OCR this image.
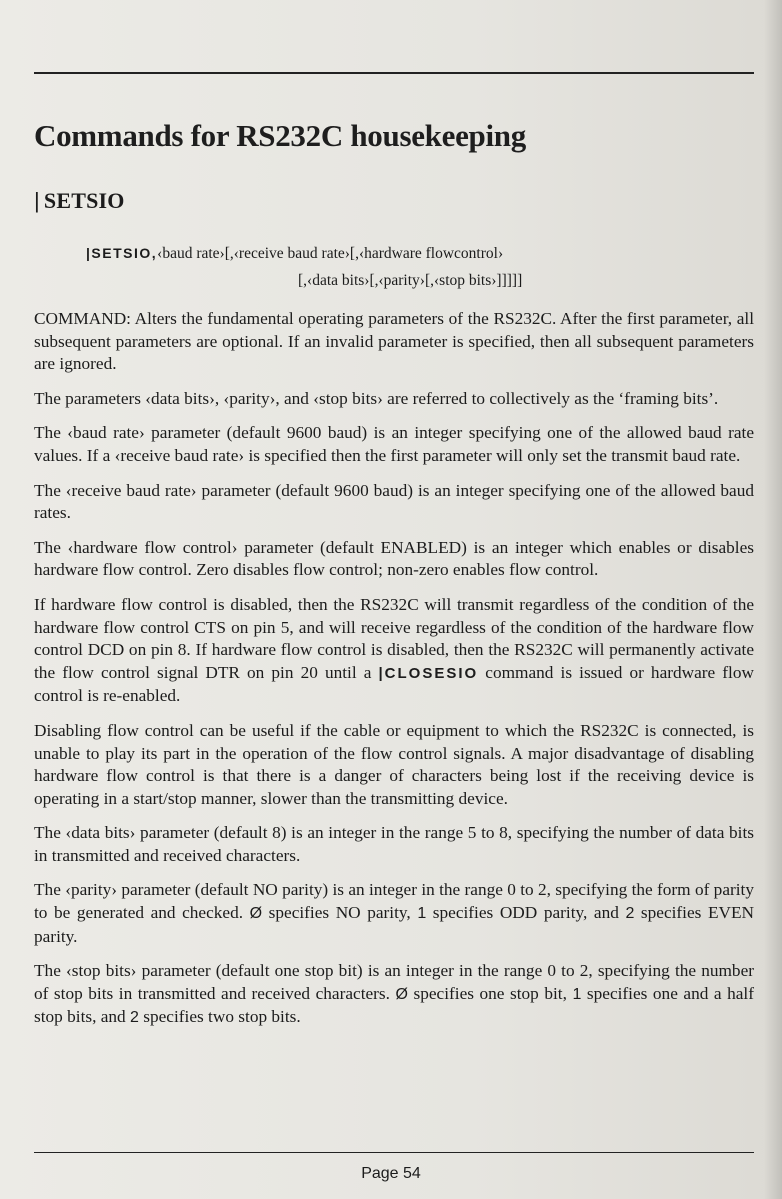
Commands for RS232C housekeeping
| SETSIO
|SETSIO,‹baud rate›[,‹receive baud rate›[,‹hardware flowcontrol›
[,‹data bits›[,‹parity›[,‹stop bits›]]]]]

COMMAND: Alters the fundamental operating parameters of the RS232C. After the first parameter, all subsequent parameters are optional. If an invalid parameter is specified, then all subsequent parameters are ignored.

The parameters ‹data bits›, ‹parity›, and ‹stop bits› are referred to collectively as the ‘framing bits’.

The ‹baud rate› parameter (default 9600 baud) is an integer specifying one of the allowed baud rate values. If a ‹receive baud rate› is specified then the first parameter will only set the transmit baud rate.

The ‹receive baud rate› parameter (default 9600 baud) is an integer specifying one of the allowed baud rates.

The ‹hardware flow control› parameter (default ENABLED) is an integer which enables or disables hardware flow control. Zero disables flow control; non-zero enables flow control.

If hardware flow control is disabled, then the RS232C will transmit regardless of the condition of the hardware flow control CTS on pin 5, and will receive regardless of the condition of the hardware flow control DCD on pin 8. If hardware flow control is disabled, then the RS232C will permanently activate the flow control signal DTR on pin 20 until a |CLOSESIO command is issued or hardware flow control is re-enabled.

Disabling flow control can be useful if the cable or equipment to which the RS232C is connected, is unable to play its part in the operation of the flow control signals. A major disadvantage of disabling hardware flow control is that there is a danger of characters being lost if the receiving device is operating in a start/stop manner, slower than the transmitting device.

The ‹data bits› parameter (default 8) is an integer in the range 5 to 8, specifying the number of data bits in transmitted and received characters.

The ‹parity› parameter (default NO parity) is an integer in the range 0 to 2, specifying the form of parity to be generated and checked. Ø specifies NO parity, 1 specifies ODD parity, and 2 specifies EVEN parity.

The ‹stop bits› parameter (default one stop bit) is an integer in the range 0 to 2, specifying the number of stop bits in transmitted and received characters. Ø specifies one stop bit, 1 specifies one and a half stop bits, and 2 specifies two stop bits.

Page 54
